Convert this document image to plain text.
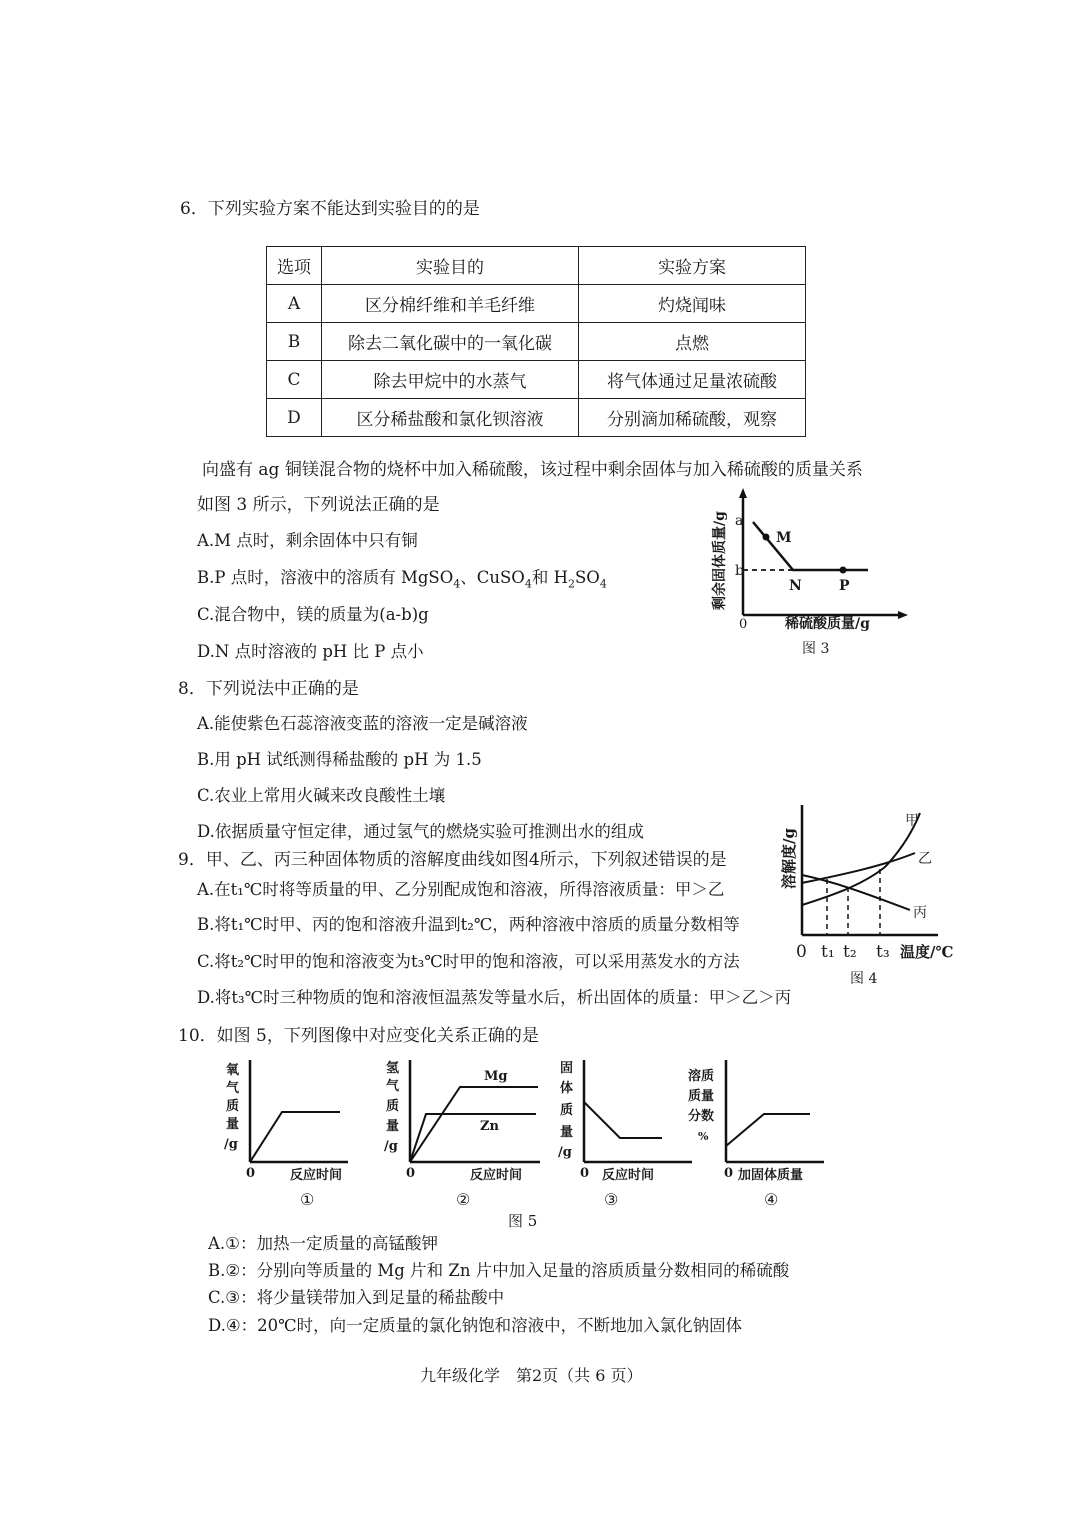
6．下列实验方案不能达到实验目的的是
选项	实验目的	实验方案
A	区分棉纤维和羊毛纤维	灼烧闻味
B	除去二氧化碳中的一氧化碳	点燃
C	除去甲烷中的水蒸气	将气体通过足量浓硫酸
D	区分稀盐酸和氯化钡溶液	分别滴加稀硫酸，观察
向盛有 ag 铜镁混合物的烧杯中加入稀硫酸，该过程中剩余固体与加入稀硫酸的质量关系
如图 3 所示，下列说法正确的是
A.M 点时，剩余固体中只有铜
B.P 点时，溶液中的溶质有 MgSO$_4$、CuSO$_4$和 $H_2SO_4$
C.混合物中，镁的质量为(a-b)g
D.N 点时溶液的 pH 比 P 点小
a
b
M
N	P
0	稀硫酸质量/g
剩余固体质量/g
图 3
8．下列说法中正确的是
A.能使紫色石蕊溶液变蓝的溶液一定是碱溶液
B.用 pH 试纸测得稀盐酸的 pH 为 1.5
C.农业上常用火碱来改良酸性土壤
D.依据质量守恒定律，通过氢气的燃烧实验可推测出水的组成
9．甲、乙、丙三种固体物质的溶解度曲线如图4所示，下列叙述错误的是
A.在t₁℃时将等质量的甲、乙分别配成饱和溶液，所得溶液质量：甲＞乙
B.将t₁℃时甲、丙的饱和溶液升温到t₂℃，两种溶液中溶质的质量分数相等
C.将t₂℃时甲的饱和溶液变为t₃℃时甲的饱和溶液，可以采用蒸发水的方法
D.将t₃℃时三种物质的饱和溶液恒温蒸发等量水后，析出固体的质量：甲＞乙＞丙
甲
乙
丙
0 t₁ t₂ t₃ 温度/℃
溶解度/g
图 4
10．如图 5，下列图像中对应变化关系正确的是
氧
气
质
量
/g
0	反应时间
①
Mg
Zn
氢
气
质
量
/g
0	反应时间
②
固
体
质
量
/g
0 反应时间
③
溶质
质量
分数
%
0 加固体质量
④
图 5
A.①：加热一定质量的高锰酸钾
B.②：分别向等质量的 Mg 片和 Zn 片中加入足量的溶质质量分数相同的稀硫酸
C.③：将少量镁带加入到足量的稀盐酸中
D.④：20℃时，向一定质量的氯化钠饱和溶液中，不断地加入氯化钠固体
九年级化学　第2页（共 6 页）
